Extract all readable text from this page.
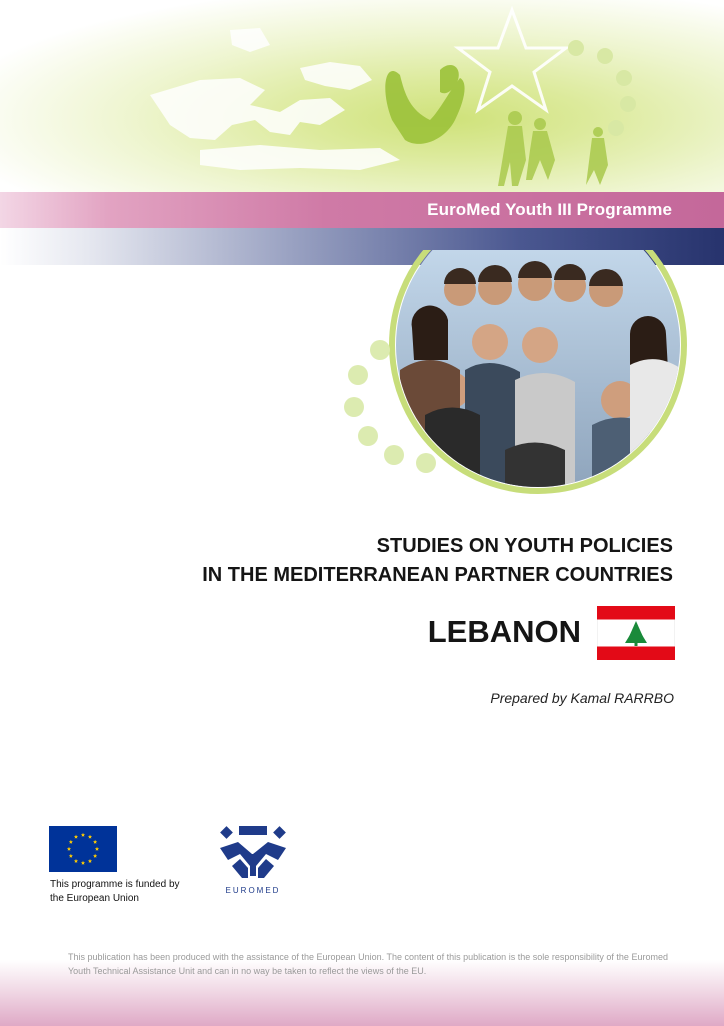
EuroMed Youth III Programme
STUDIES ON YOUTH POLICIES
IN THE MEDITERRANEAN PARTNER COUNTRIES
LEBANON
Prepared by Kamal RARRBO
This programme is funded by
the European Union
EUROMED
This publication has been produced with the assistance of the European Union. The content of this publication is the sole responsibility of the Euromed Youth Technical Assistance Unit and can in no way be taken to reflect the views of the EU.
